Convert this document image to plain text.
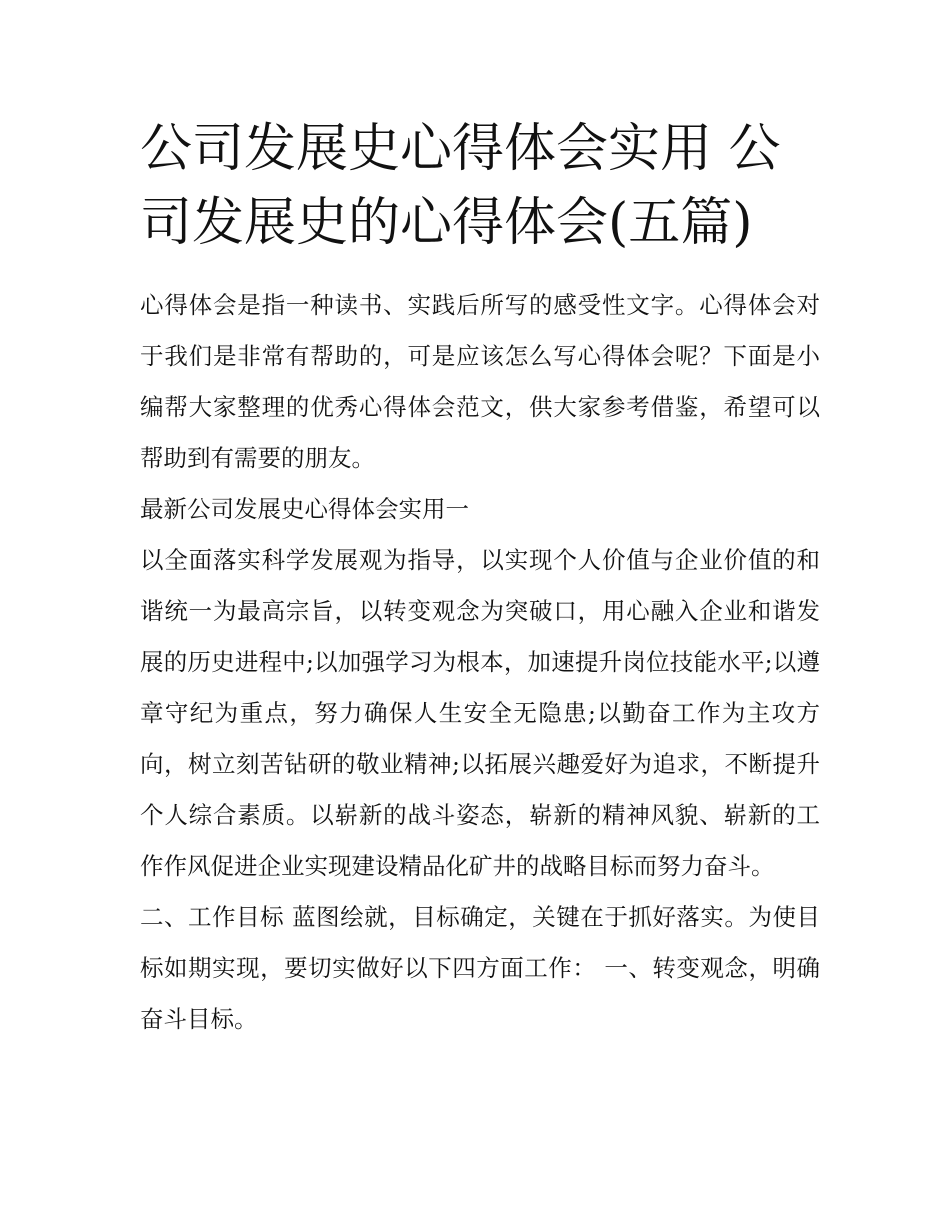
公司发展史心得体会实用 公司发展史的心得体会(五篇)

心得体会是指一种读书、实践后所写的感受性文字。心得体会对于我们是非常有帮助的，可是应该怎么写心得体会呢？下面是小编帮大家整理的优秀心得体会范文，供大家参考借鉴，希望可以帮助到有需要的朋友。

最新公司发展史心得体会实用一

以全面落实科学发展观为指导，以实现个人价值与企业价值的和谐统一为最高宗旨，以转变观念为突破口，用心融入企业和谐发展的历史进程中;以加强学习为根本，加速提升岗位技能水平;以遵章守纪为重点，努力确保人生安全无隐患;以勤奋工作为主攻方向，树立刻苦钻研的敬业精神;以拓展兴趣爱好为追求，不断提升个人综合素质。以崭新的战斗姿态，崭新的精神风貌、崭新的工作作风促进企业实现建设精品化矿井的战略目标而努力奋斗。

二、工作目标 蓝图绘就，目标确定，关键在于抓好落实。为使目标如期实现，要切实做好以下四方面工作： 一、转变观念，明确奋斗目标。
